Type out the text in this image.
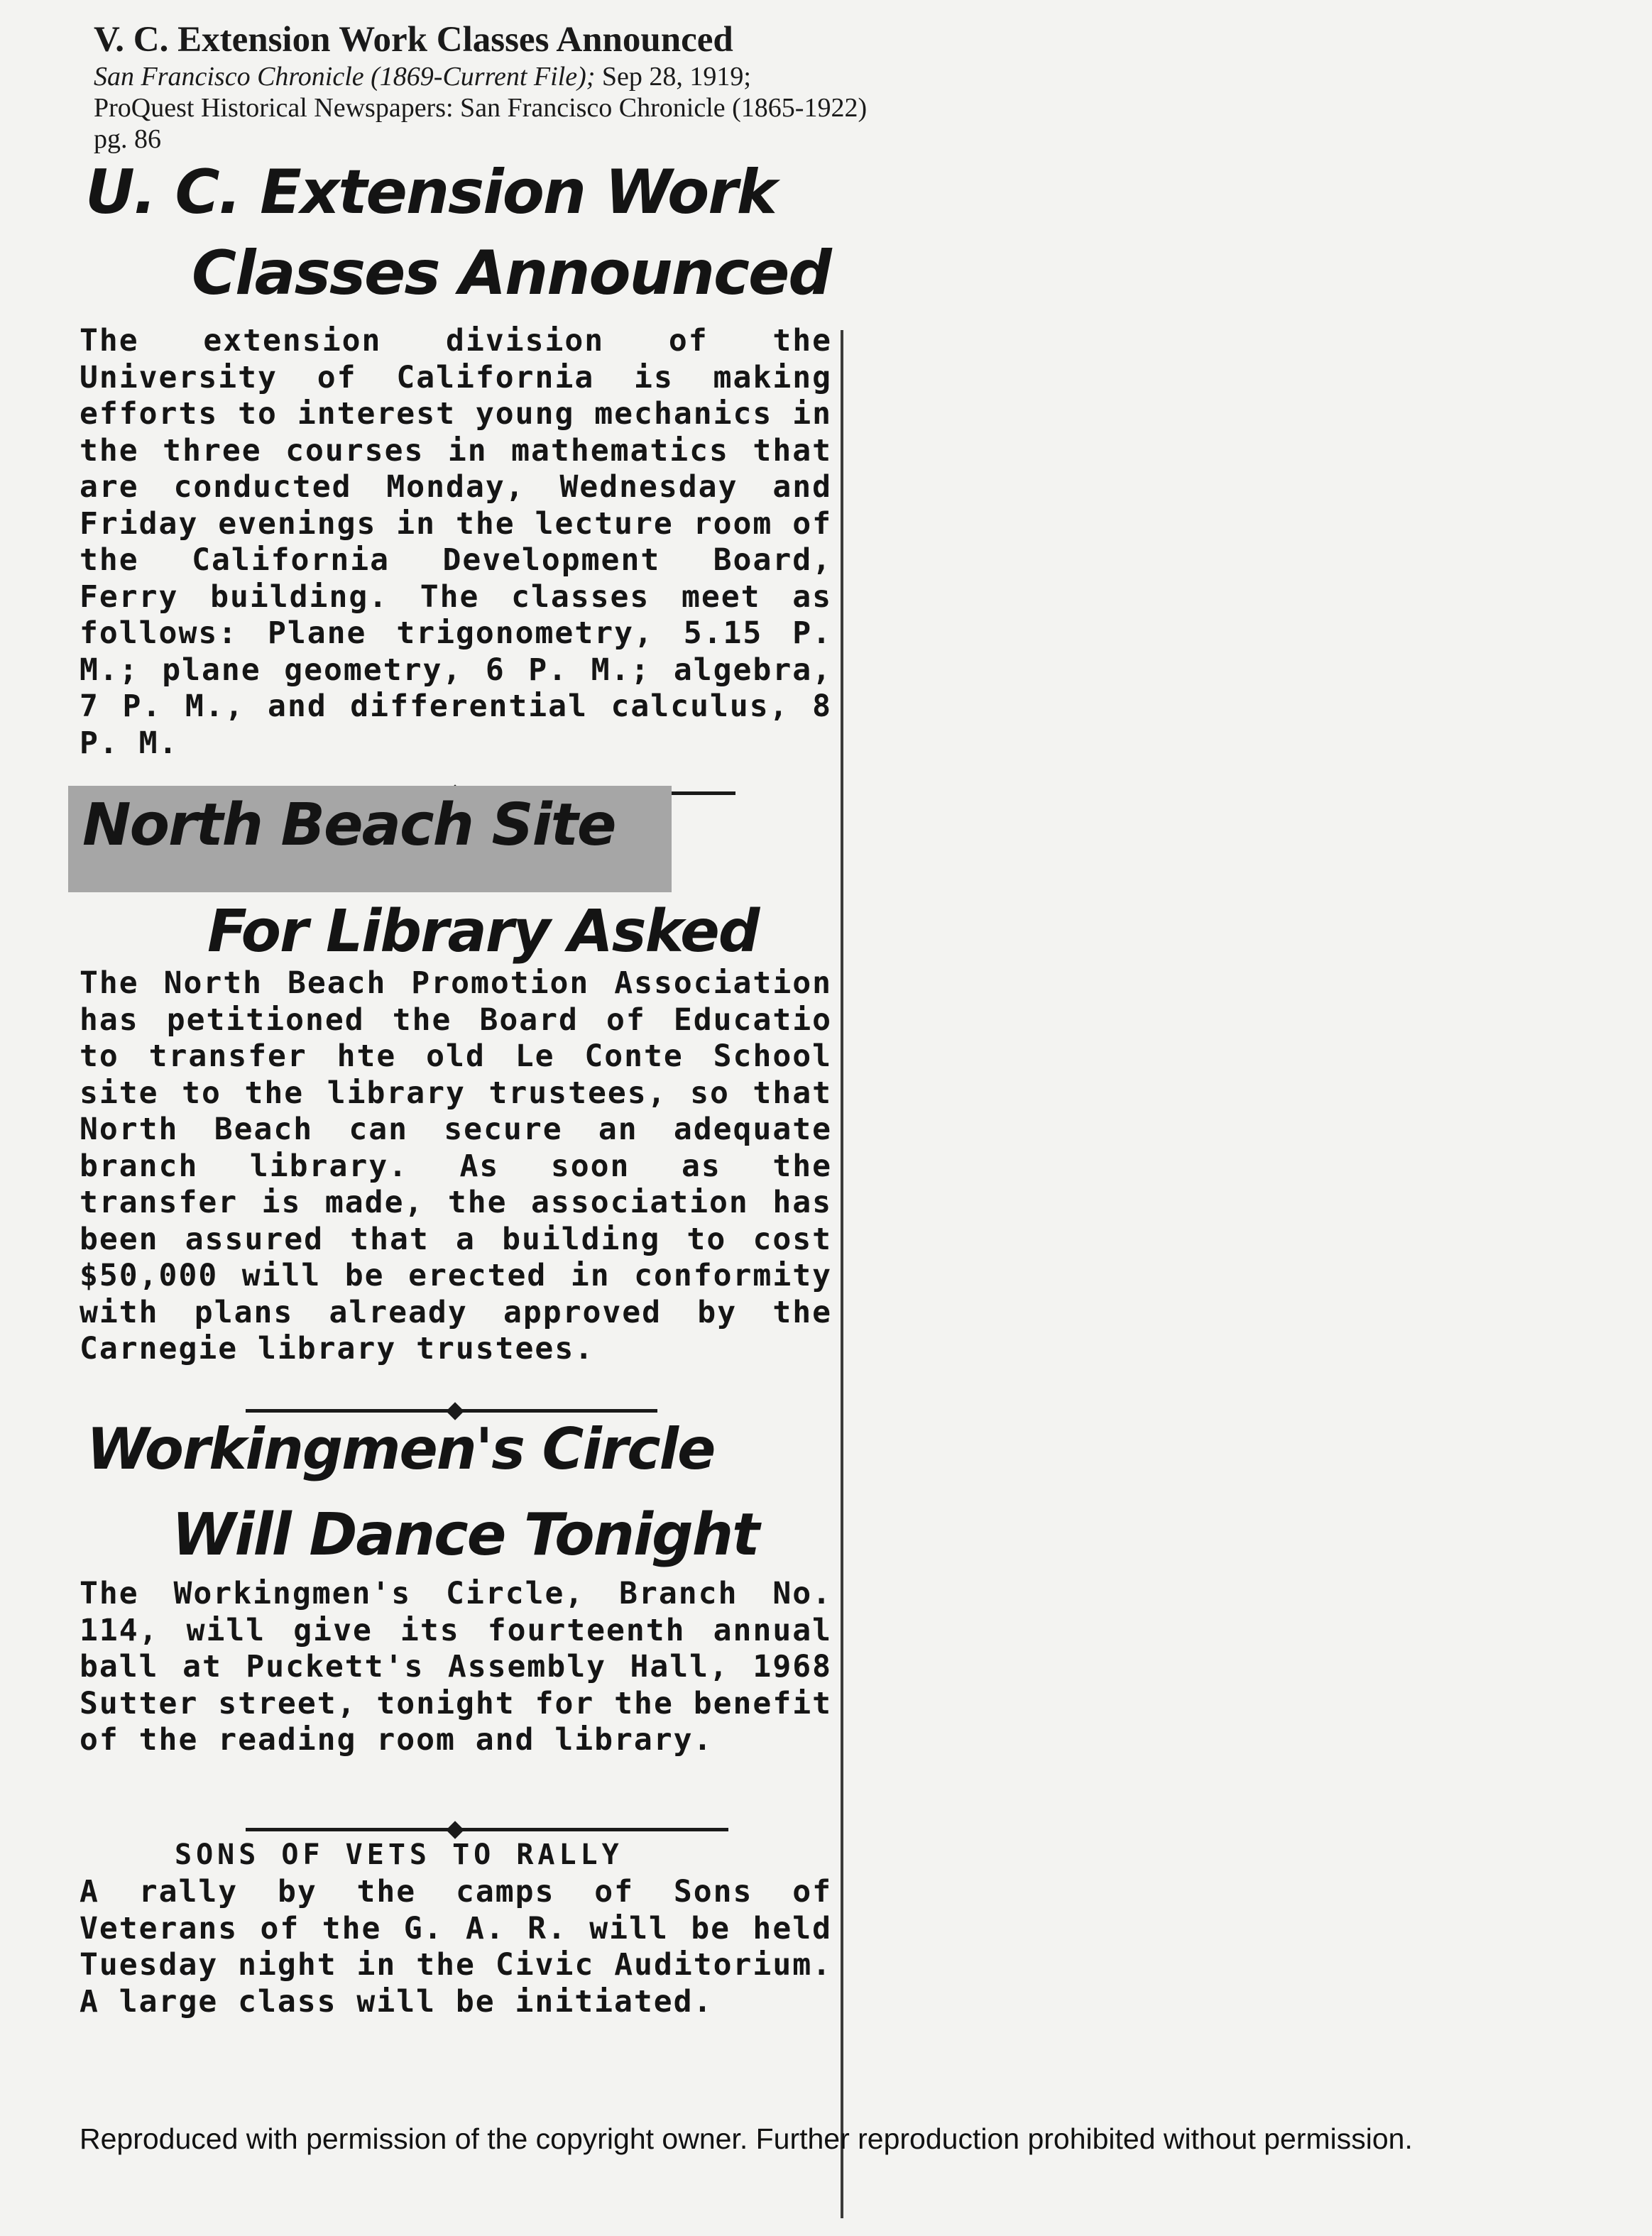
V. C. Extension Work Classes Announced

San Francisco Chronicle (1869-Current File); Sep 28, 1919;

ProQuest Historical Newspapers: San Francisco Chronicle (1865-1922)

pg. 86

U. C. Extension Work
Classes Announced

The extension division of the University of California is making efforts to interest young mechanics in the three courses in mathematics that are conducted Monday, Wednesday and Friday evenings in the lecture room of the California Development Board, Ferry building. The classes meet as follows: Plane trigonometry, 5.15 P. M.; plane geometry, 6 P. M.; algebra, 7 P. M., and differential calculus, 8 P. M.

North Beach Site
For Library Asked

The North Beach Promotion Association has petitioned the Board of Educatio to transfer hte old Le Conte School site to the library trustees, so that North Beach can secure an adequate branch library. As soon as the transfer is made, the association has been assured that a building to cost $50,000 will be erected in conformity with plans already approved by the Carnegie library trustees.

Workingmen's Circle
Will Dance Tonight

The Workingmen's Circle, Branch No. 114, will give its fourteenth annual ball at Puckett's Assembly Hall, 1968 Sutter street, tonight for the benefit of the reading room and library.

SONS OF VETS TO RALLY

A rally by the camps of Sons of Veterans of the G. A. R. will be held Tuesday night in the Civic Auditorium. A large class will be initiated.

Reproduced with permission of the copyright owner. Further reproduction prohibited without permission.
